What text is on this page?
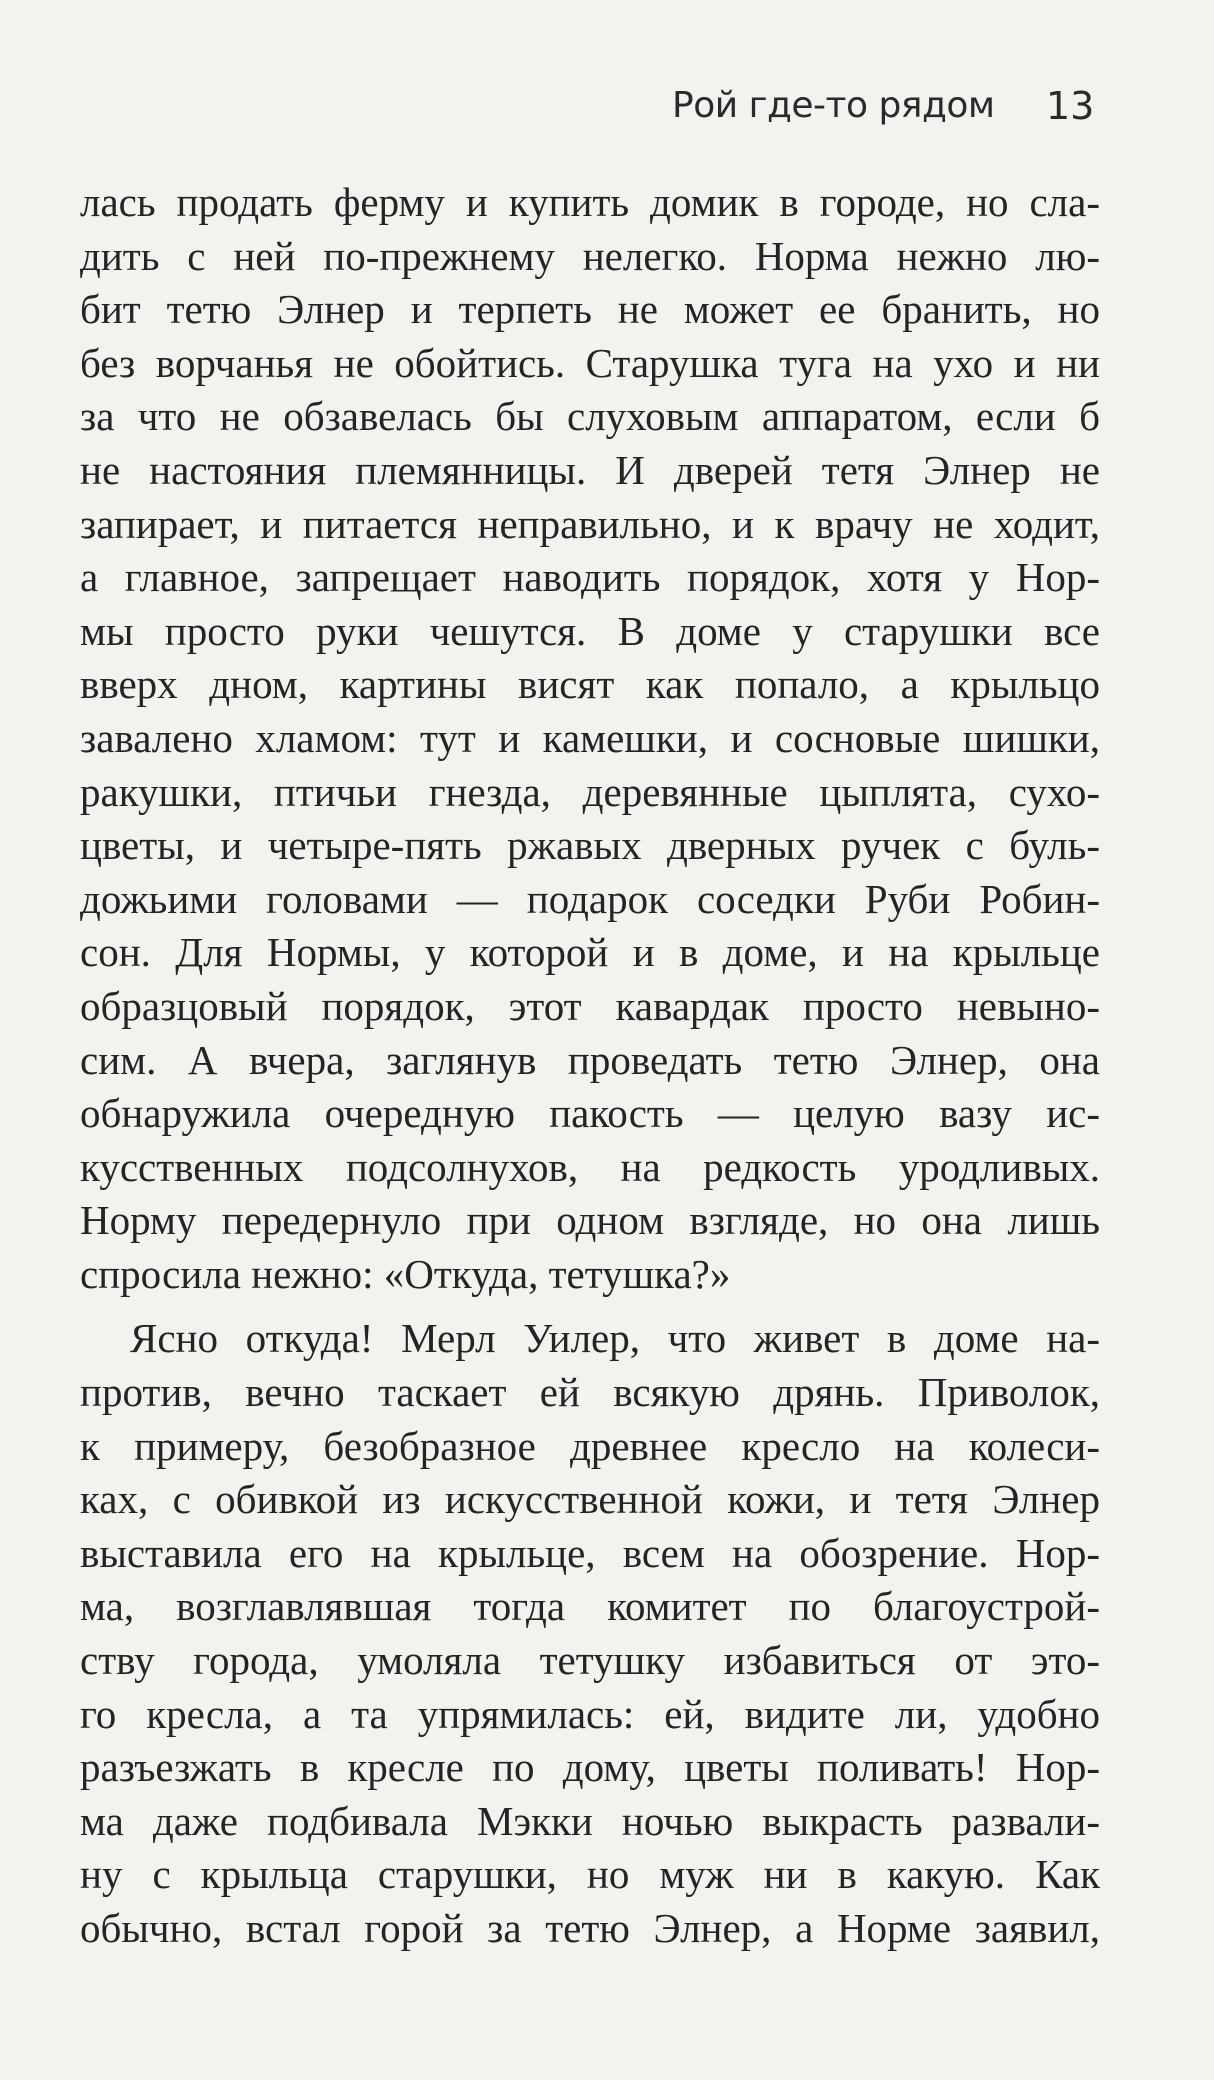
Рой где-то рядом 13
лась продать ферму и купить домик в городе, но сла-
дить с ней по-прежнему нелегко. Норма нежно лю-
бит тетю Элнер и терпеть не может ее бранить, но
без ворчанья не обойтись. Старушка туга на ухо и ни
за что не обзавелась бы слуховым аппаратом, если б
не настояния племянницы. И дверей тетя Элнер не
запирает, и питается неправильно, и к врачу не ходит,
а главное, запрещает наводить порядок, хотя у Нор-
мы просто руки чешутся. В доме у старушки все
вверх дном, картины висят как попало, а крыльцо
завалено хламом: тут и камешки, и сосновые шишки,
ракушки, птичьи гнезда, деревянные цыплята, сухо-
цветы, и четыре-пять ржавых дверных ручек с буль-
дожьими головами — подарок соседки Руби Робин-
сон. Для Нормы, у которой и в доме, и на крыльце
образцовый порядок, этот кавардак просто невыно-
сим. А вчера, заглянув проведать тетю Элнер, она
обнаружила очередную пакость — целую вазу ис-
кусственных подсолнухов, на редкость уродливых.
Норму передернуло при одном взгляде, но она лишь
спросила нежно: «Откуда, тетушка?»
Ясно откуда! Мерл Уилер, что живет в доме на-
против, вечно таскает ей всякую дрянь. Приволок,
к примеру, безобразное древнее кресло на колеси-
ках, с обивкой из искусственной кожи, и тетя Элнер
выставила его на крыльце, всем на обозрение. Нор-
ма, возглавлявшая тогда комитет по благоустрой-
ству города, умоляла тетушку избавиться от это-
го кресла, а та упрямилась: ей, видите ли, удобно
разъезжать в кресле по дому, цветы поливать! Нор-
ма даже подбивала Мэкки ночью выкрасть развали-
ну с крыльца старушки, но муж ни в какую. Как
обычно, встал горой за тетю Элнер, а Норме заявил,
